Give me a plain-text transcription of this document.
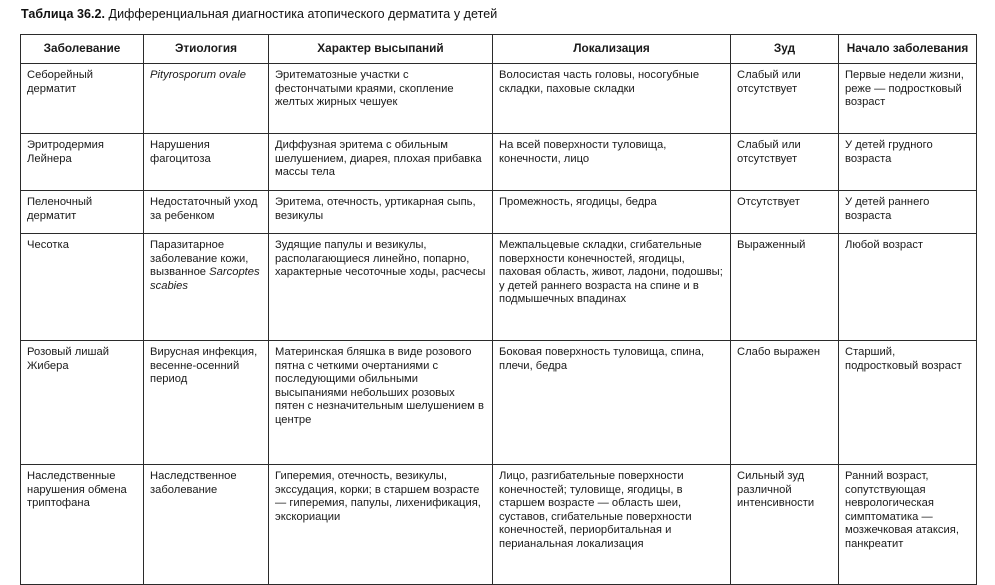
Таблица 36.2. Дифференциальная диагностика атопического дерматита у детей
Заболевание	Этиология	Характер высыпаний	Локализация	Зуд	Начало заболевания
Себорейный дерматит	Pityrosporum ovale	Эритематозные участки с фестончатыми краями, скопление желтых жирных чешуек	Волосистая часть головы, носогубные складки, паховые складки	Слабый или отсутствует	Первые недели жизни, реже — подростковый возраст
Эритродермия Лейнера	Нарушения фагоцитоза	Диффузная эритема с обильным шелушением, диарея, плохая прибавка массы тела	На всей поверхности туловища, конечности, лицо	Слабый или отсутствует	У детей грудного возраста
Пеленочный дерматит	Недостаточный уход за ребенком	Эритема, отечность, уртикарная сыпь, везикулы	Промежность, ягодицы, бедра	Отсутствует	У детей раннего возраста
Чесотка	Паразитарное заболевание кожи, вызванное Sarcoptes scabies	Зудящие папулы и везикулы, располагающиеся линейно, попарно, характерные чесоточные ходы, расчесы	Межпальцевые складки, сгибательные поверхности конечностей, ягодицы, паховая область, живот, ладони, подошвы; у детей раннего возраста на спине и в подмышечных впадинах	Выраженный	Любой возраст
Розовый лишай Жибера	Вирусная инфекция, весенне-осенний период	Материнская бляшка в виде розового пятна с четкими очертаниями с последующими обильными высыпаниями небольших розовых пятен с незначительным шелушением в центре	Боковая поверхность туловища, спина, плечи, бедра	Слабо выражен	Старший, подростковый возраст
Наследственные нарушения обмена триптофана	Наследственное заболевание	Гиперемия, отечность, везикулы, экссудация, корки; в старшем возрасте — гиперемия, папулы, лихенификация, экскориации	Лицо, разгибательные поверхности конечностей; туловище, ягодицы, в старшем возрасте — область шеи, суставов, сгибательные поверхности конечностей, периорбитальная и перианальная локализация	Сильный зуд различной интенсивности	Ранний возраст, сопутствующая неврологическая симптоматика — мозжечковая атаксия, панкреатит
